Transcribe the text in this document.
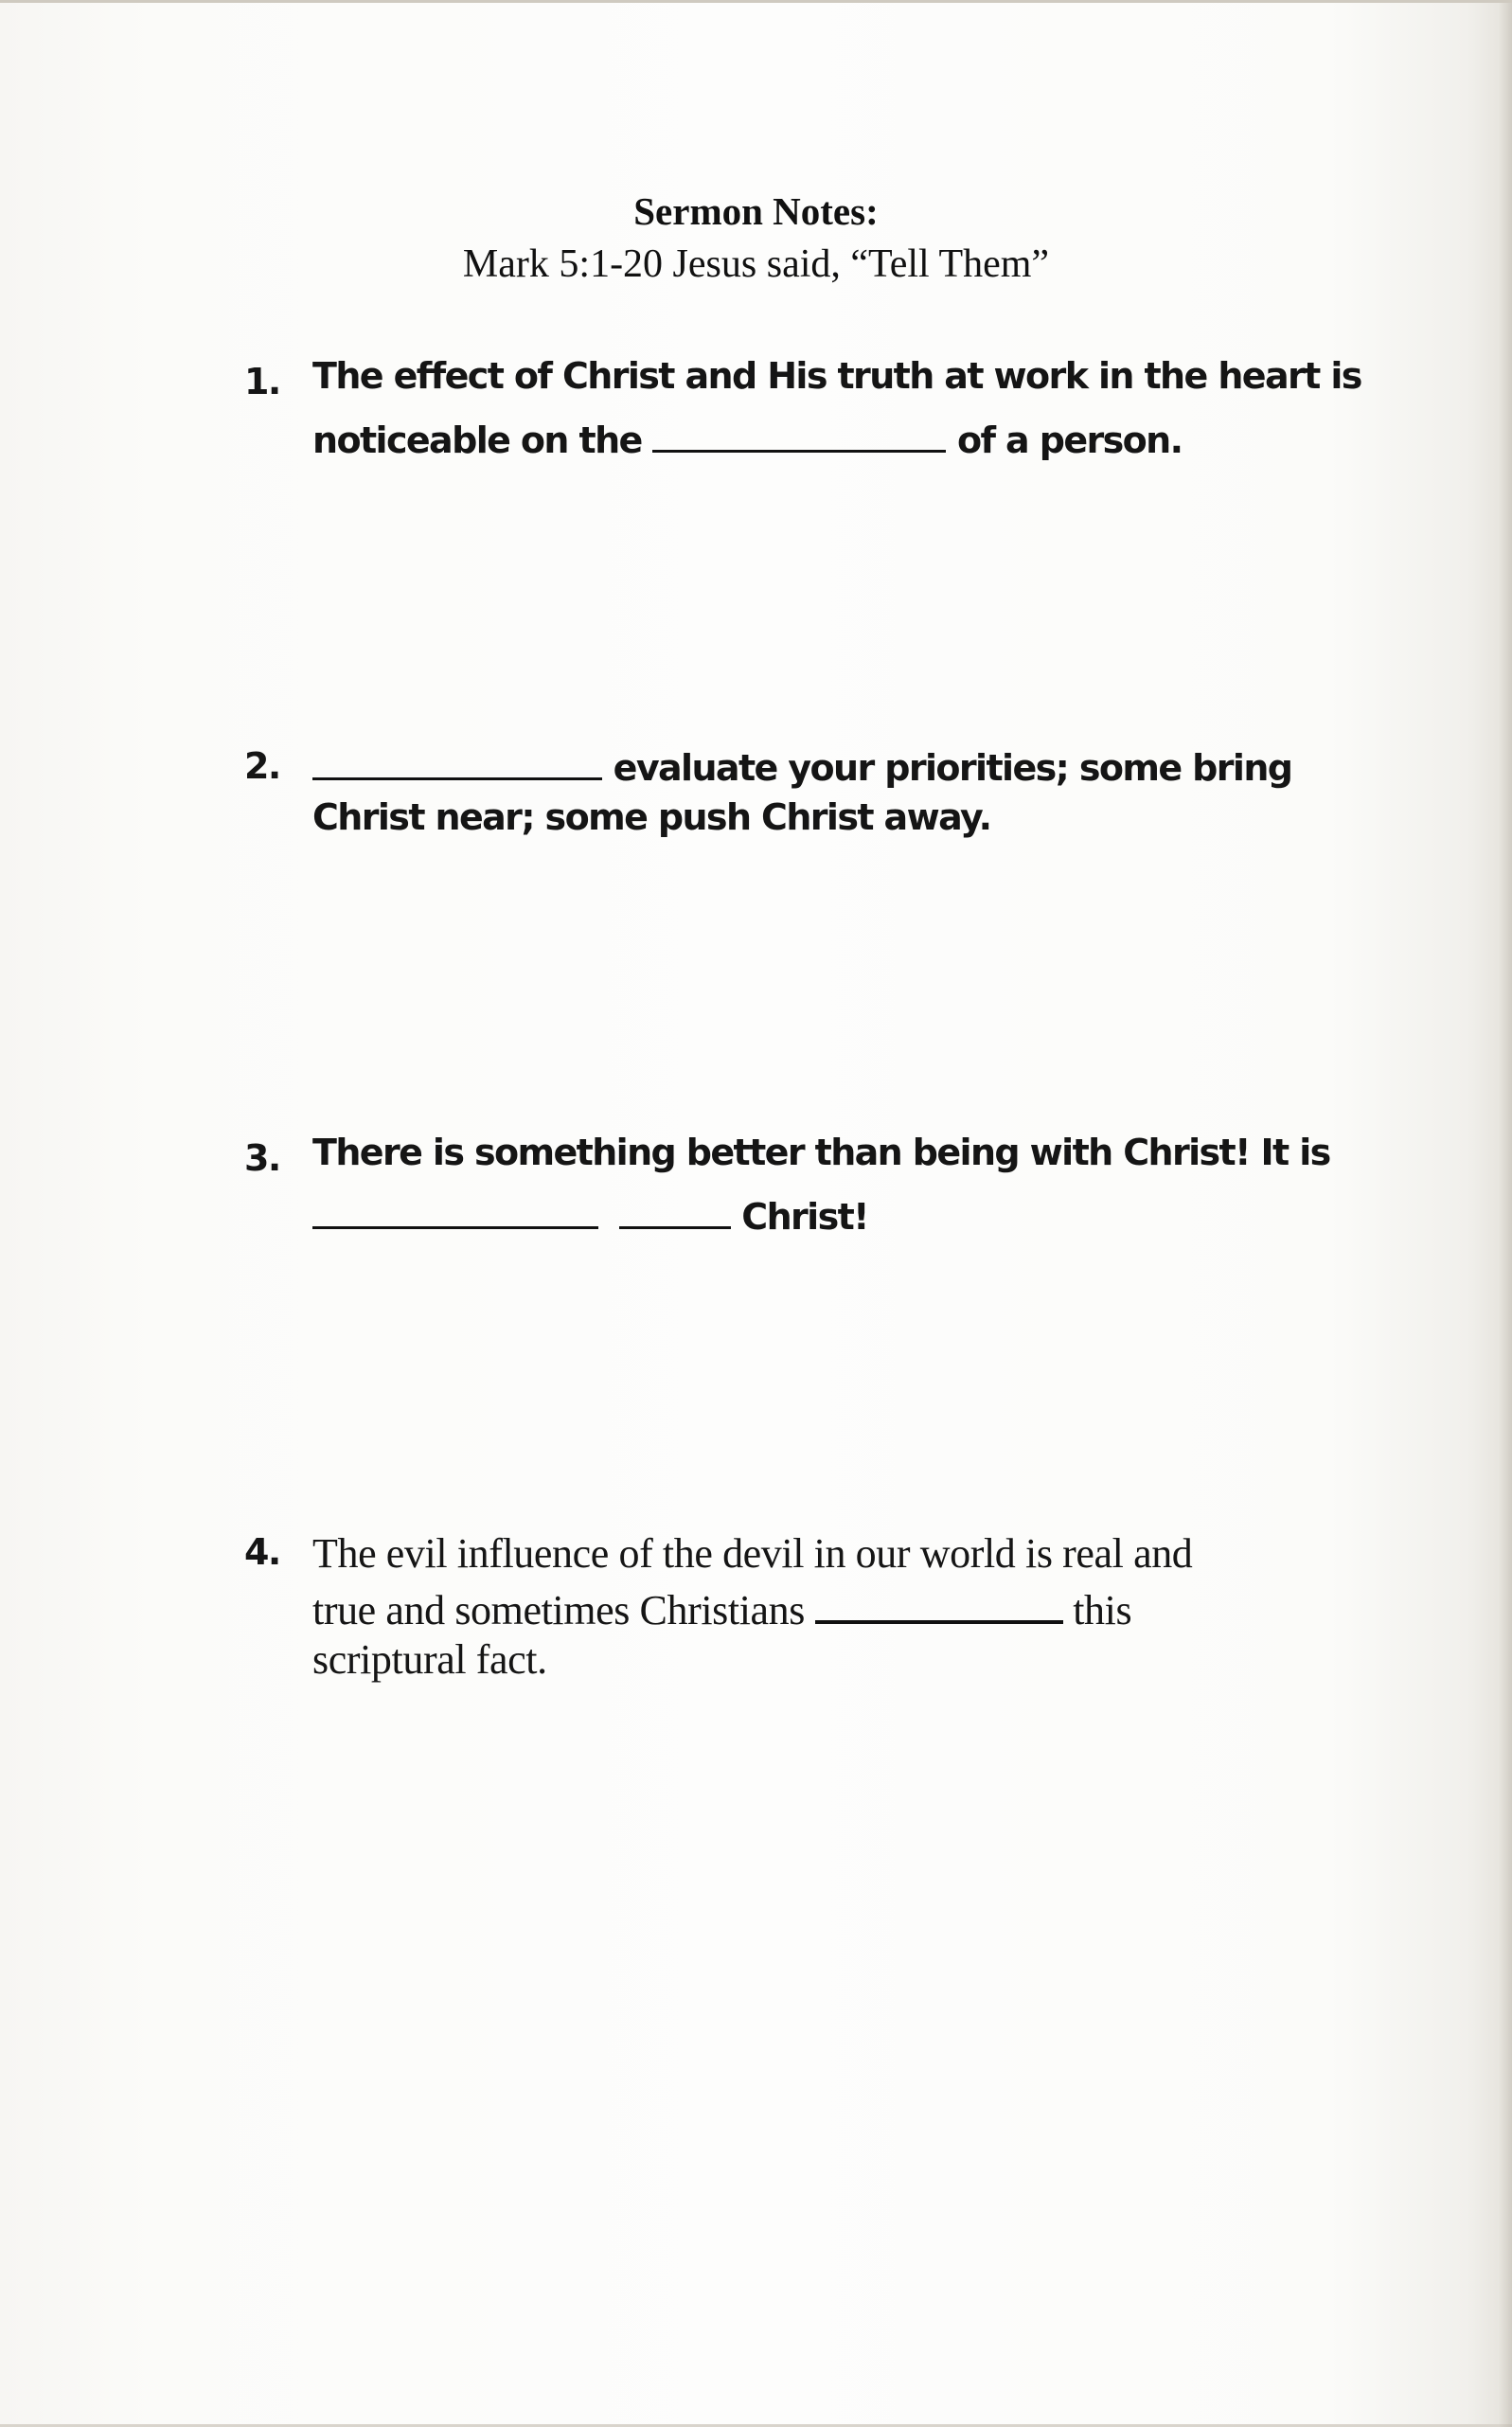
Sermon Notes:
Mark 5:1-20 Jesus said, “Tell Them”
1. The effect of Christ and His truth at work in the heart is
noticeable on the	of a person.
2.	evaluate your priorities; some bring
Christ near; some push Christ away.
3. There is something better than being with Christ! It is
Christ!
4. The evil influence of the devil in our world is real and
true and sometimes Christians	this
scriptural fact.
